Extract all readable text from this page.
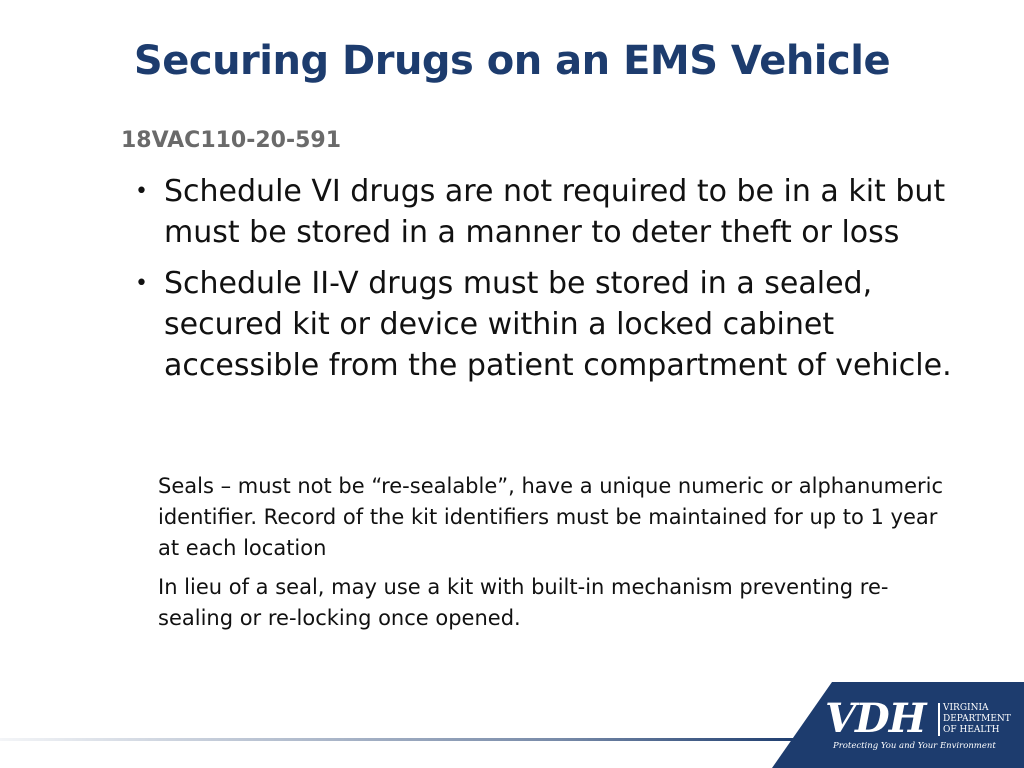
Securing Drugs on an EMS Vehicle

18VAC110-20-591

• Schedule VI drugs are not required to be in a kit but must be stored in a manner to deter theft or loss
• Schedule II-V drugs must be stored in a sealed, secured kit or device within a locked cabinet accessible from the patient compartment of vehicle.

Seals – must not be “re-sealable”, have a unique numeric or alphanumeric identifier. Record of the kit identifiers must be maintained for up to 1 year at each location

In lieu of a seal, may use a kit with built-in mechanism preventing re-sealing or re-locking once opened.

VDH VIRGINIA
DEPARTMENT
OF HEALTH
Protecting You and Your Environment
